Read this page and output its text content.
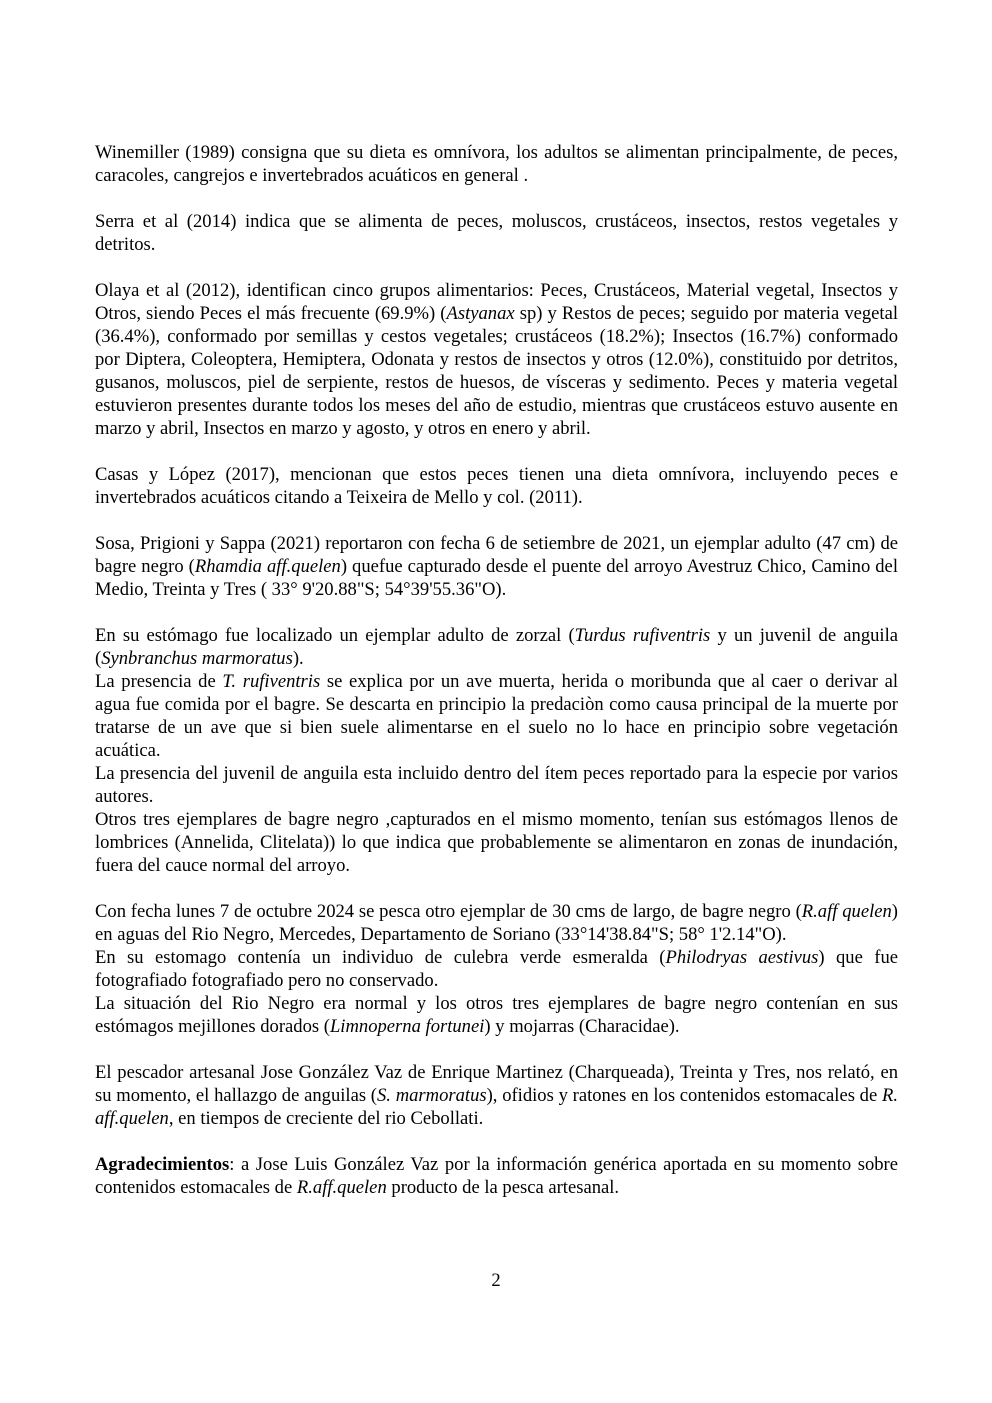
Winemiller (1989) consigna que su dieta es omnívora, los adultos se alimentan principalmente, de peces, caracoles, cangrejos e invertebrados acuáticos en general .

Serra et al (2014) indica que se alimenta de peces, moluscos, crustáceos, insectos, restos vegetales y detritos.

Olaya et al (2012), identifican cinco grupos alimentarios: Peces, Crustáceos, Material vegetal, Insectos y Otros, siendo Peces el más frecuente (69.9%) (Astyanax sp) y Restos de peces; seguido por materia vegetal (36.4%), conformado por semillas y cestos vegetales; crustáceos (18.2%); Insectos (16.7%) conformado por Diptera, Coleoptera, Hemiptera, Odonata y restos de insectos y otros (12.0%), constituido por detritos, gusanos, moluscos, piel de serpiente, restos de huesos, de vísceras y sedimento. Peces y materia vegetal estuvieron presentes durante todos los meses del año de estudio, mientras que crustáceos estuvo ausente en marzo y abril, Insectos en marzo y agosto, y otros en enero y abril.

Casas y López (2017), mencionan que estos peces tienen una dieta omnívora, incluyendo peces e invertebrados acuáticos citando a Teixeira de Mello y col. (2011).

Sosa, Prigioni y Sappa (2021) reportaron con fecha 6 de setiembre de 2021, un ejemplar adulto (47 cm) de bagre negro (Rhamdia aff.quelen) quefue capturado desde el puente del arroyo Avestruz Chico, Camino del Medio, Treinta y Tres ( 33° 9'20.88"S; 54°39'55.36"O).

En su estómago fue localizado un ejemplar adulto de zorzal (Turdus rufiventris y un juvenil de anguila (Synbranchus marmoratus).

La presencia de T. rufiventris se explica por un ave muerta, herida o moribunda que al caer o derivar al agua fue comida por el bagre. Se descarta en principio la predaciòn como causa principal de la muerte por tratarse de un ave que si bien suele alimentarse en el suelo no lo hace en principio sobre vegetación acuática.

La presencia del juvenil de anguila esta incluido dentro del ítem peces reportado para la especie por varios autores.

Otros tres ejemplares de bagre negro ,capturados en el mismo momento, tenían sus estómagos llenos de lombrices (Annelida, Clitelata)) lo que indica que probablemente se alimentaron en zonas de inundación, fuera del cauce normal del arroyo.

Con fecha lunes 7 de octubre 2024 se pesca otro ejemplar de 30 cms de largo, de bagre negro (R.aff quelen) en aguas del Rio Negro, Mercedes, Departamento de Soriano (33°14'38.84"S; 58° 1'2.14"O).

En su estomago contenía un individuo de culebra verde esmeralda (Philodryas aestivus) que fue fotografiado fotografiado pero no conservado.

La situación del Rio Negro era normal y los otros tres ejemplares de bagre negro contenían en sus estómagos mejillones dorados (Limnoperna fortunei) y mojarras (Characidae).

El pescador artesanal Jose González Vaz de Enrique Martinez (Charqueada), Treinta y Tres, nos relató, en su momento, el hallazgo de anguilas (S. marmoratus), ofidios y ratones en los contenidos estomacales de R. aff.quelen, en tiempos de creciente del rio Cebollati.

Agradecimientos: a Jose Luis González Vaz por la información genérica aportada en su momento sobre contenidos estomacales de R.aff.quelen producto de la pesca artesanal.

2
